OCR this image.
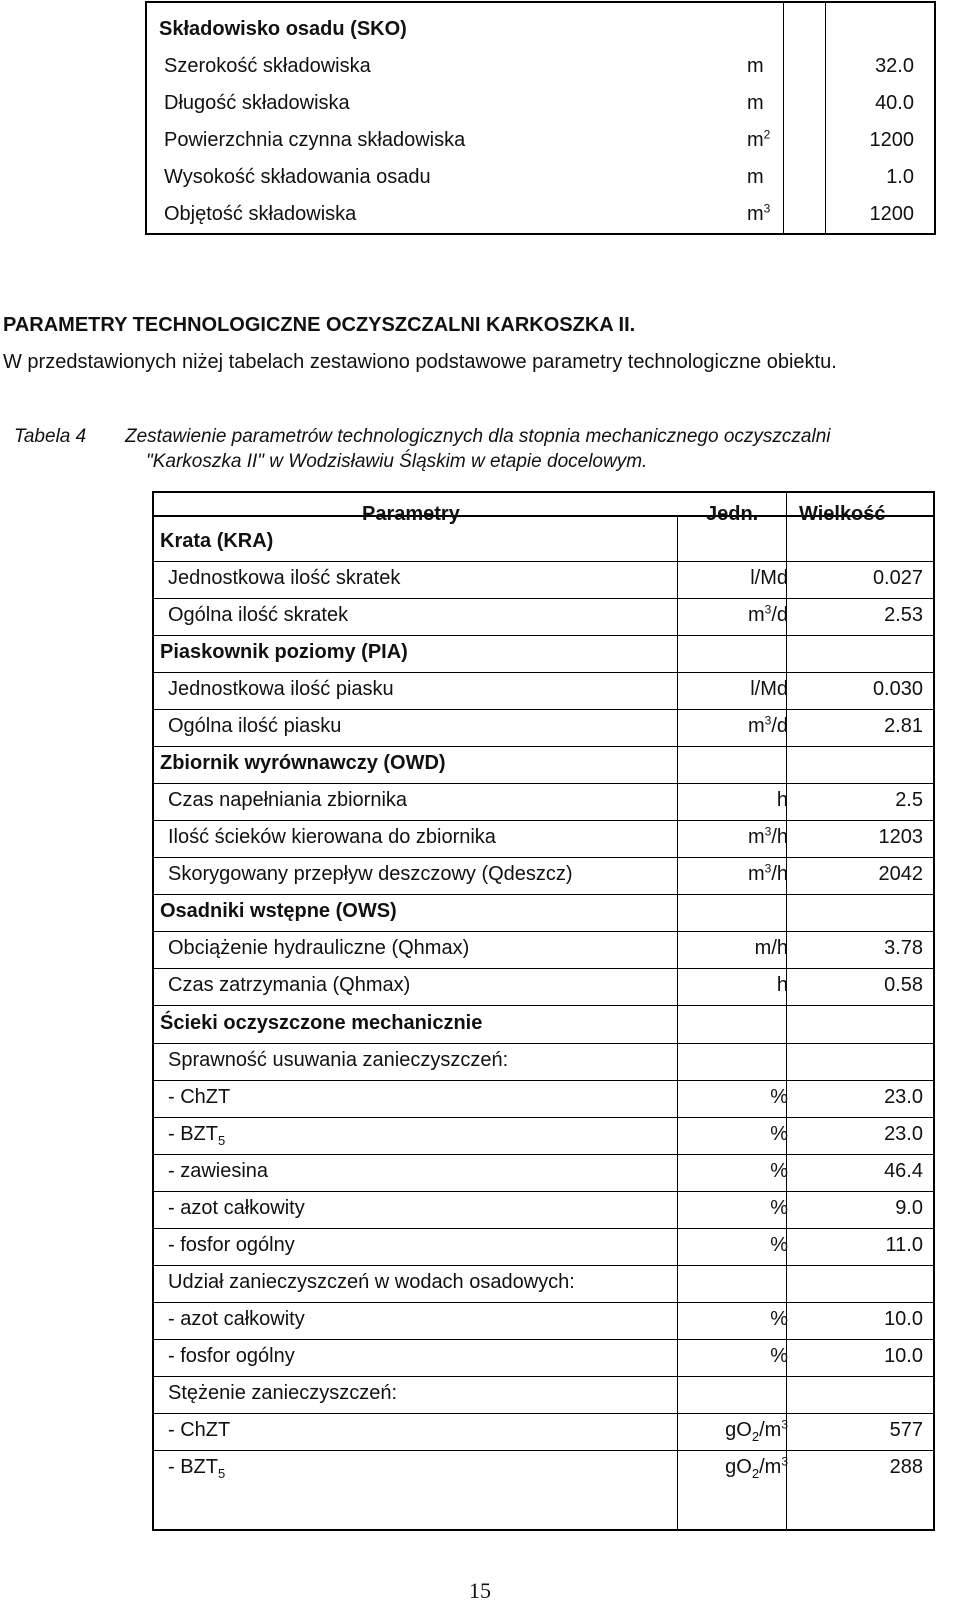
Składowisko osadu (SKO)
Szerokość składowiska	m	32.0
Długość składowiska	m	40.0
Powierzchnia czynna składowiska	$m^2$	1200
Wysokość składowania osadu	m	1.0
Objętość składowiska	$m^3$	1200
PARAMETRY TECHNOLOGICZNE OCZYSZCZALNI KARKOSZKA II.
W przedstawionych niżej tabelach zestawiono podstawowe parametry technologiczne obiektu.
Tabela 4 Zestawienie parametrów technologicznych dla stopnia mechanicznego oczyszczalni
"Karkoszka II" w Wodzisławiu Śląskim w etapie docelowym.
Parametry	Jedn. Wielkość
Krata (KRA)
Jednostkowa ilość skratek	l/Md	0.027
Ogólna ilość skratek	$m^3/d$	2.53
Piaskownik poziomy (PIA)
Jednostkowa ilość piasku	l/Md	0.030
Ogólna ilość piasku	$m^3/d$	2.81
Zbiornik wyrównawczy (OWD)
Czas napełniania zbiornika	h	2.5
Ilość ścieków kierowana do zbiornika	$m^3/h$	1203
Skorygowany przepływ deszczowy (Qdeszcz)	$m^3/h$	2042
Osadniki wstępne (OWS)
Obciążenie hydrauliczne (Qhmax)	m/h	3.78
Czas zatrzymania (Qhmax)	h	0.58
Ścieki oczyszczone mechanicznie
Sprawność usuwania zanieczyszczeń:
- ChZT	%	23.0
- $BZT_5$	%	23.0
- zawiesina	%	46.4
- azot całkowity	%	9.0
- fosfor ogólny	%	11.0
Udział zanieczyszczeń w wodach osadowych:
- azot całkowity	%	10.0
- fosfor ogólny	%	10.0
Stężenie zanieczyszczeń:
- ChZT	$gO_2/m^3$	577
- $BZT_5$	$gO_2/m^3$	288
15
